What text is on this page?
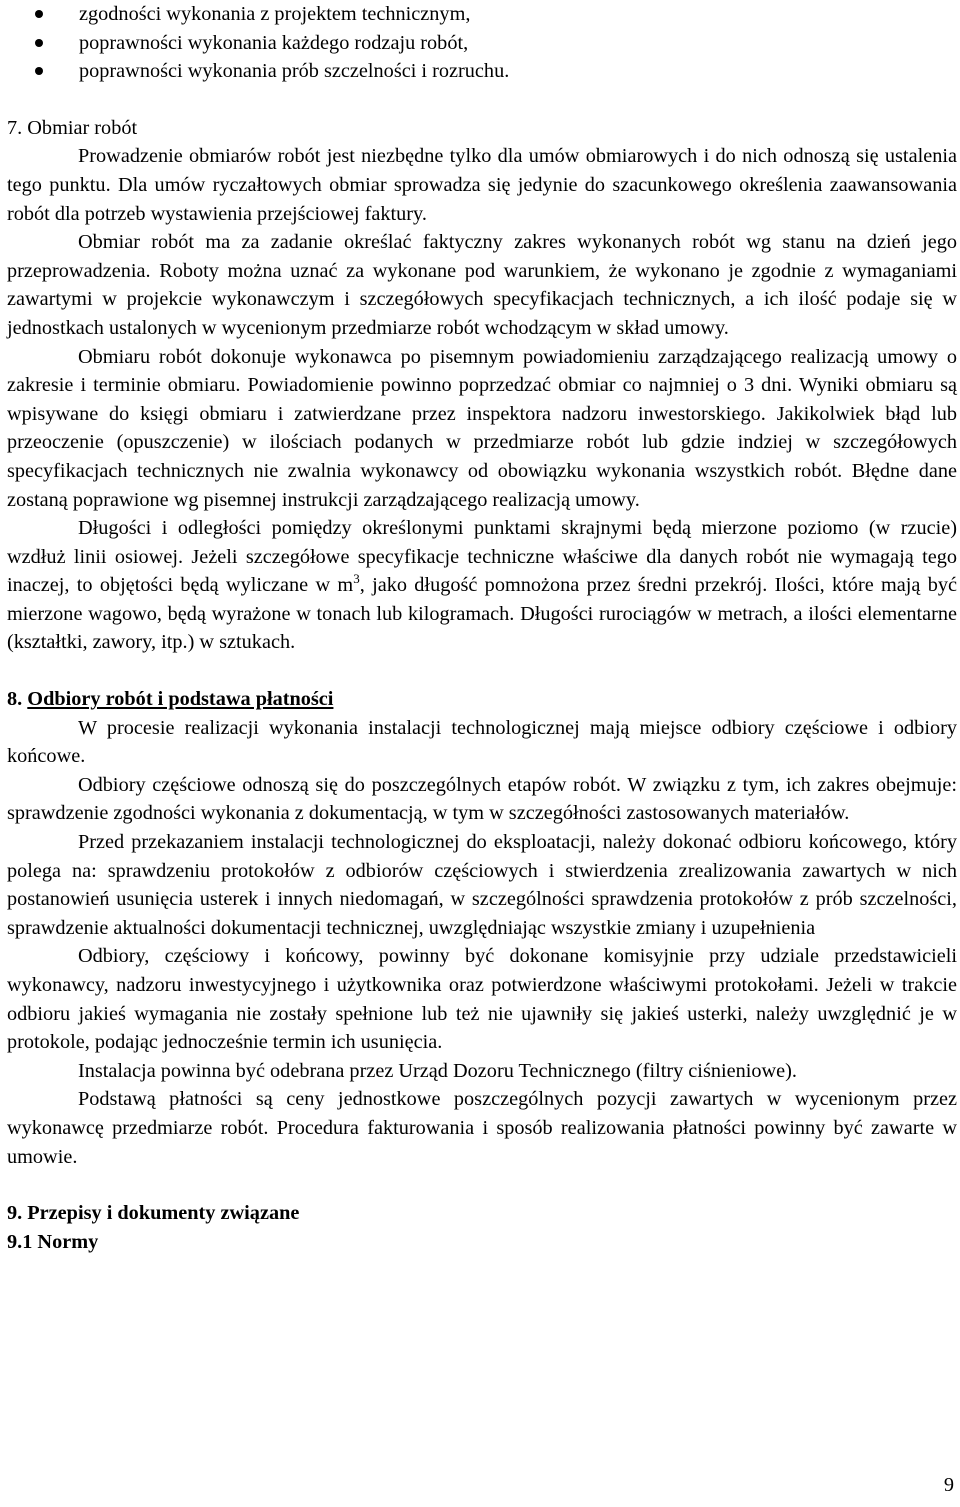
zgodności wykonania z projektem technicznym,
poprawności wykonania każdego rodzaju robót,
poprawności wykonania prób szczelności i rozruchu.
7. Obmiar robót

Prowadzenie obmiarów robót jest niezbędne tylko dla umów obmiarowych i do nich odnoszą się ustalenia tego punktu. Dla umów ryczałtowych obmiar sprowadza się jedynie do szacunkowego określenia zaawansowania robót dla potrzeb wystawienia przejściowej faktury.

Obmiar robót ma za zadanie określać faktyczny zakres wykonanych robót wg stanu na dzień jego przeprowadzenia. Roboty można uznać za wykonane pod warunkiem, że wykonano je zgodnie z wymaganiami zawartymi w projekcie wykonawczym i szczegółowych specyfikacjach technicznych, a ich ilość podaje się w jednostkach ustalonych w wycenionym przedmiarze robót wchodzącym w skład umowy.

Obmiaru robót dokonuje wykonawca po pisemnym powiadomieniu zarządzającego realizacją umowy o zakresie i terminie obmiaru. Powiadomienie powinno poprzedzać obmiar co najmniej o 3 dni. Wyniki obmiaru są wpisywane do księgi obmiaru i zatwierdzane przez inspektora nadzoru inwestorskiego. Jakikolwiek błąd lub przeoczenie (opuszczenie) w ilościach podanych w przedmiarze robót lub gdzie indziej w szczegółowych specyfikacjach technicznych nie zwalnia wykonawcy od obowiązku wykonania wszystkich robót. Błędne dane zostaną poprawione wg pisemnej instrukcji zarządzającego realizacją umowy.

Długości i odległości pomiędzy określonymi punktami skrajnymi będą mierzone poziomo (w rzucie) wzdłuż linii osiowej. Jeżeli szczegółowe specyfikacje techniczne właściwe dla danych robót nie wymagają tego inaczej, to objętości będą wyliczane w $m^3$, jako długość pomnożona przez średni przekrój. Ilości, które mają być mierzone wagowo, będą wyrażone w tonach lub kilogramach. Długości rurociągów w metrach, a ilości elementarne (kształtki, zawory, itp.) w sztukach.

8. Odbiory robót i podstawa płatności

W procesie realizacji wykonania instalacji technologicznej mają miejsce odbiory częściowe i odbiory końcowe.

Odbiory częściowe odnoszą się do poszczególnych etapów robót. W związku z tym, ich zakres obejmuje: sprawdzenie zgodności wykonania z dokumentacją, w tym w szczegółności zastosowanych materiałów.

Przed przekazaniem instalacji technologicznej do eksploatacji, należy dokonać odbioru końcowego, który polega na: sprawdzeniu protokołów z odbiorów częściowych i stwierdzenia zrealizowania zawartych w nich postanowień usunięcia usterek i innych niedomagań, w szczególności sprawdzenia protokołów z prób szczelności, sprawdzenie aktualności dokumentacji technicznej, uwzględniając wszystkie zmiany i uzupełnienia

Odbiory, częściowy i końcowy, powinny być dokonane komisyjnie przy udziale przedstawicieli wykonawcy, nadzoru inwestycyjnego i użytkownika oraz potwierdzone właściwymi protokołami. Jeżeli w trakcie odbioru jakieś wymagania nie zostały spełnione lub też nie ujawniły się jakieś usterki, należy uwzględnić je w protokole, podając jednocześnie termin ich usunięcia.

Instalacja powinna być odebrana przez Urząd Dozoru Technicznego (filtry ciśnieniowe).

Podstawą płatności są ceny jednostkowe poszczególnych pozycji zawartych w wycenionym przez wykonawcę przedmiarze robót. Procedura fakturowania i sposób realizowania płatności powinny być zawarte w umowie.

9. Przepisy i dokumenty związane
9.1 Normy
9
